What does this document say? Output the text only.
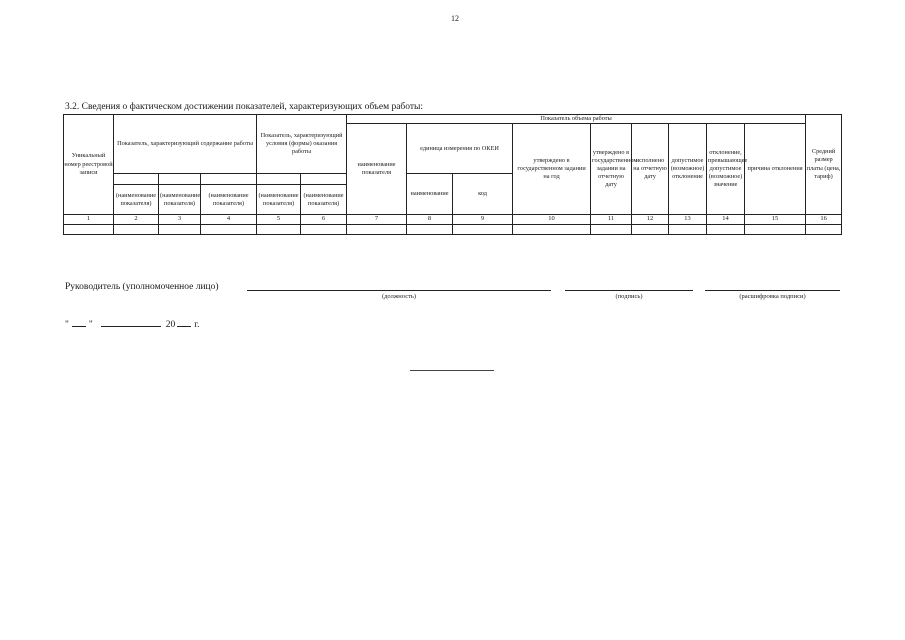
12
3.2. Сведения о фактическом достижении показателей, характеризующих объем работы:
Уникальный номер реестровой записи	Показатель, характеризующий содержание работы			Показатель, характеризующий условия (формы) оказания работы		Показатель объема работы									Средний размер платы (цена, тариф)
						наименование показателя	единица измерения по ОКЕИ		утверждено в государственном задании на год	утверждено в государственном задании на отчетную дату	исполнено на отчетную дату	допустимое (возможное) отклонение	отклонение, превышающее допустимое (возможное) значение	причина отклонения	
							наименование	код							
	(наименование показателя)	(наименование показателя)	(наименование показателя)	(наименование показателя)	(наименование показателя)										
1	2	3	4	5	6	7	8	9	10	11	12	13	14	15	16

Руководитель (уполномоченное лицо)
(должность)	(подпись)	(расшифровка подписи)
" "	20 г.
